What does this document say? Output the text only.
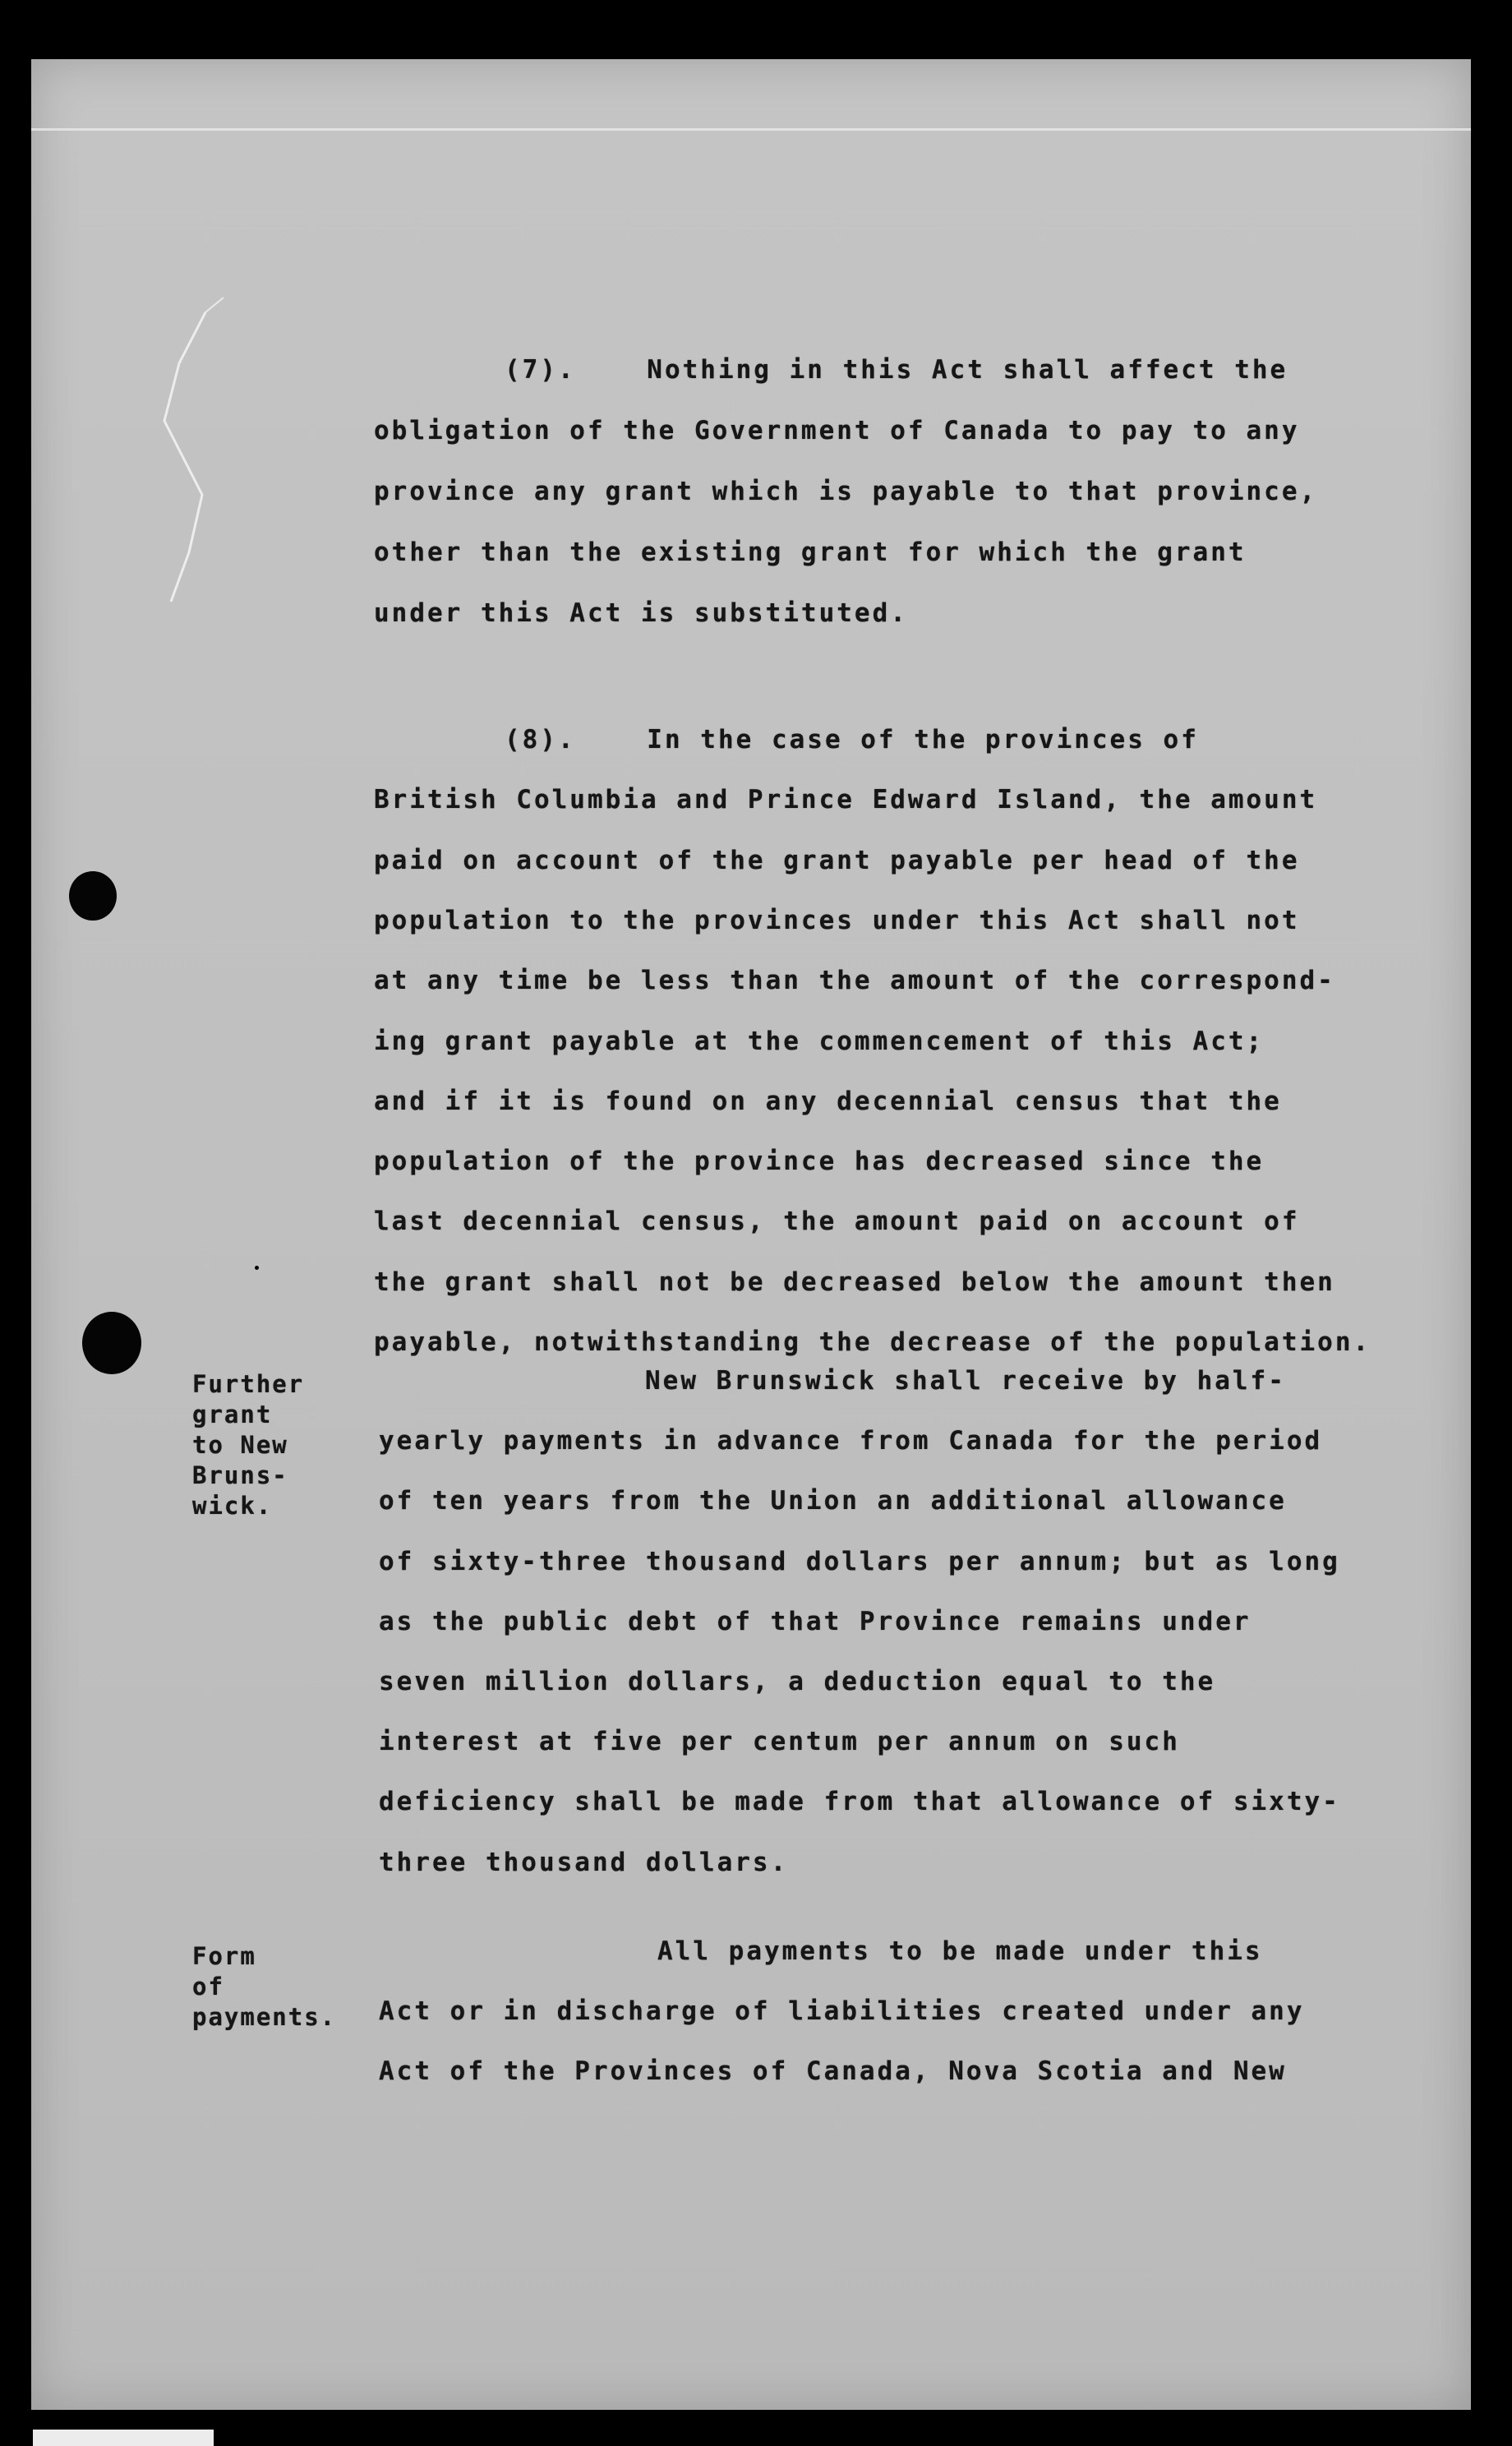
(7).    Nothing in this Act shall affect the
obligation of the Government of Canada to pay to any
province any grant which is payable to that province,
other than the existing grant for which the grant
under this Act is substituted.
(8).    In the case of the provinces of
British Columbia and Prince Edward Island, the amount
paid on account of the grant payable per head of the
population to the provinces under this Act shall not
at any time be less than the amount of the correspond-
ing grant payable at the commencement of this Act;
and if it is found on any decennial census that the
population of the province has decreased since the
last decennial census, the amount paid on account of
the grant shall not be decreased below the amount then
payable, notwithstanding the decrease of the population.
New Brunswick shall receive by half-
yearly payments in advance from Canada for the period
of ten years from the Union an additional allowance
of sixty-three thousand dollars per annum; but as long
as the public debt of that Province remains under
seven million dollars, a deduction equal to the
interest at five per centum per annum on such
deficiency shall be made from that allowance of sixty-
three thousand dollars.
Further
grant
to New
Bruns-
wick.
All payments to be made under this
Act or in discharge of liabilities created under any
Act of the Provinces of Canada, Nova Scotia and New
Form
of
payments.
